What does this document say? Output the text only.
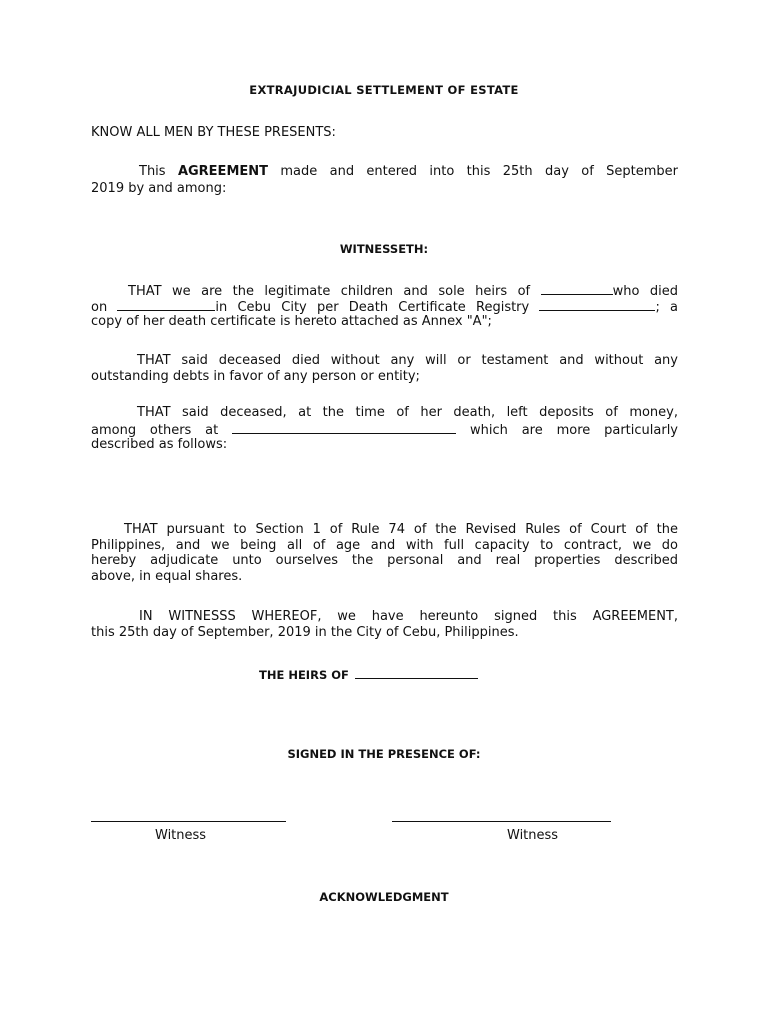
EXTRAJUDICIAL SETTLEMENT OF ESTATE
KNOW ALL MEN BY THESE PRESENTS:
This AGREEMENT made and entered into this 25th day of September
2019 by and among:
WITNESSETH:
THAT we are the legitimate children and sole heirs of	who died
on	in Cebu City per Death Certificate Registry	; a
copy of her death certificate is hereto attached as Annex "A";
THAT said deceased died without any will or testament and without any
outstanding debts in favor of any person or entity;
THAT said deceased, at the time of her death, left deposits of money,
among others at	which are more particularly
described as follows:
THAT pursuant to Section 1 of Rule 74 of the Revised Rules of Court of the
Philippines, and we being all of age and with full capacity to contract, we do
hereby adjudicate unto ourselves the personal and real properties described
above, in equal shares.
IN WITNESSS WHEREOF, we have hereunto signed this AGREEMENT,
this 25th day of September, 2019 in the City of Cebu, Philippines.
THE HEIRS OF
SIGNED IN THE PRESENCE OF:
Witness	Witness
ACKNOWLEDGMENT
